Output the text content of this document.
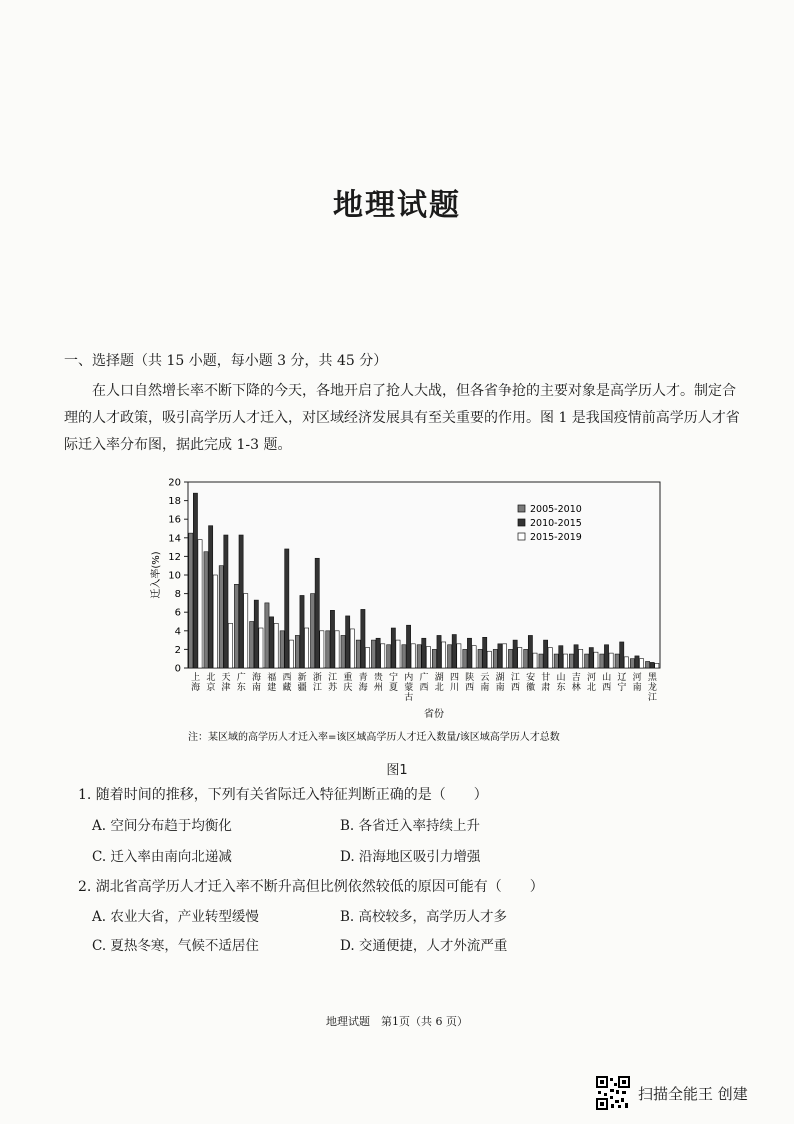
地理试题
一、选择题（共 15 小题，每小题 3 分，共 45 分）
在人口自然增长率不断下降的今天，各地开启了抢人大战，但各省争抢的主要对象是高学历人才。制定合理的人才政策，吸引高学历人才迁入，对区域经济发展具有至关重要的作用。图 1 是我国疫情前高学历人才省际迁入率分布图，据此完成 1-3 题。
0
2
4
6
8
10
12
14
16
18
20
迁入率(%)
上
海
北
京
天
津
广
东
海
南
福
建
西
藏
新
疆
浙
江
江
苏
重
庆
青
海
贵
州
宁
夏
内
蒙
古
广
西
湖
北
四
川
陕
西
云
南
湖
南
江
西
安
徽
甘
肃
山
东
吉
林
河
北
山
西
辽
宁
河
南
黑
龙
江
省份
2005-2010
2010-2015
2015-2019
注：某区域的高学历人才迁入率=该区域高学历人才迁入数量/该区域高学历人才总数
图1
1. 随着时间的推移，下列有关省际迁入特征判断正确的是（　　）
A. 空间分布趋于均衡化	B. 各省迁入率持续上升
C. 迁入率由南向北递减	D. 沿海地区吸引力增强
2. 湖北省高学历人才迁入率不断升高但比例依然较低的原因可能有（　　）
A. 农业大省，产业转型缓慢	B. 高校较多，高学历人才多
C. 夏热冬寒，气候不适居住	D. 交通便捷，人才外流严重
地理试题　第1页（共 6 页）
扫描全能王 创建
